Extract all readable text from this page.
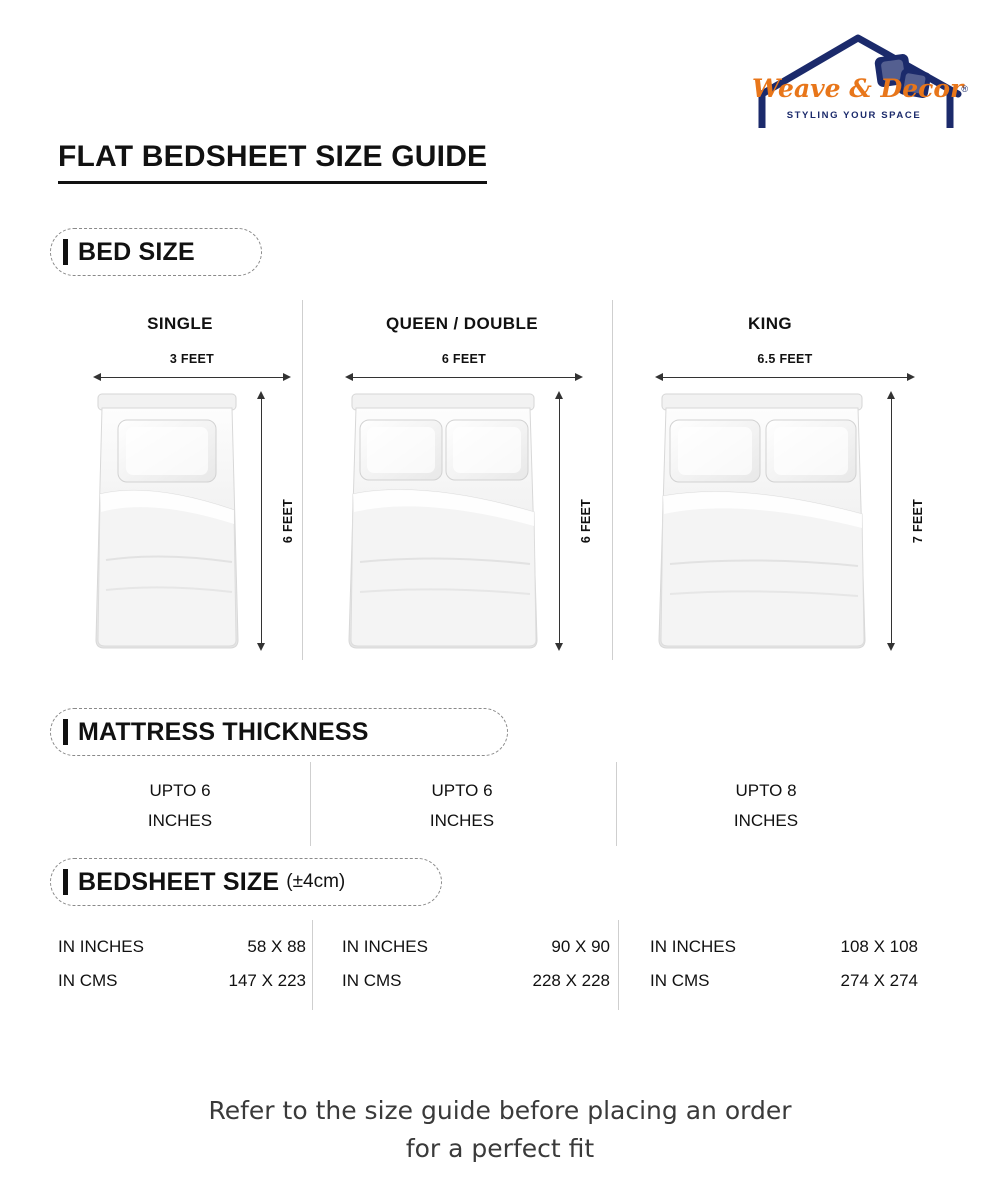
Weave & Decor
STYLING YOUR SPACE
®
FLAT BEDSHEET SIZE GUIDE
BED SIZE
SINGLE	QUEEN / DOUBLE	KING
3 FEET
6 FEET
6 FEET
6 FEET
6.5 FEET
7 FEET
MATTRESS THICKNESS
UPTO 6
INCHES
UPTO 6
INCHES
UPTO 8
INCHES
BEDSHEET SIZE (±4cm)
IN INCHES	58 X 88
IN CMS	147 X 223
IN INCHES	90 X 90
IN CMS	228 X 228
IN INCHES	108 X 108
IN CMS	274 X 274
Refer to the size guide before placing an order
for a perfect fit
